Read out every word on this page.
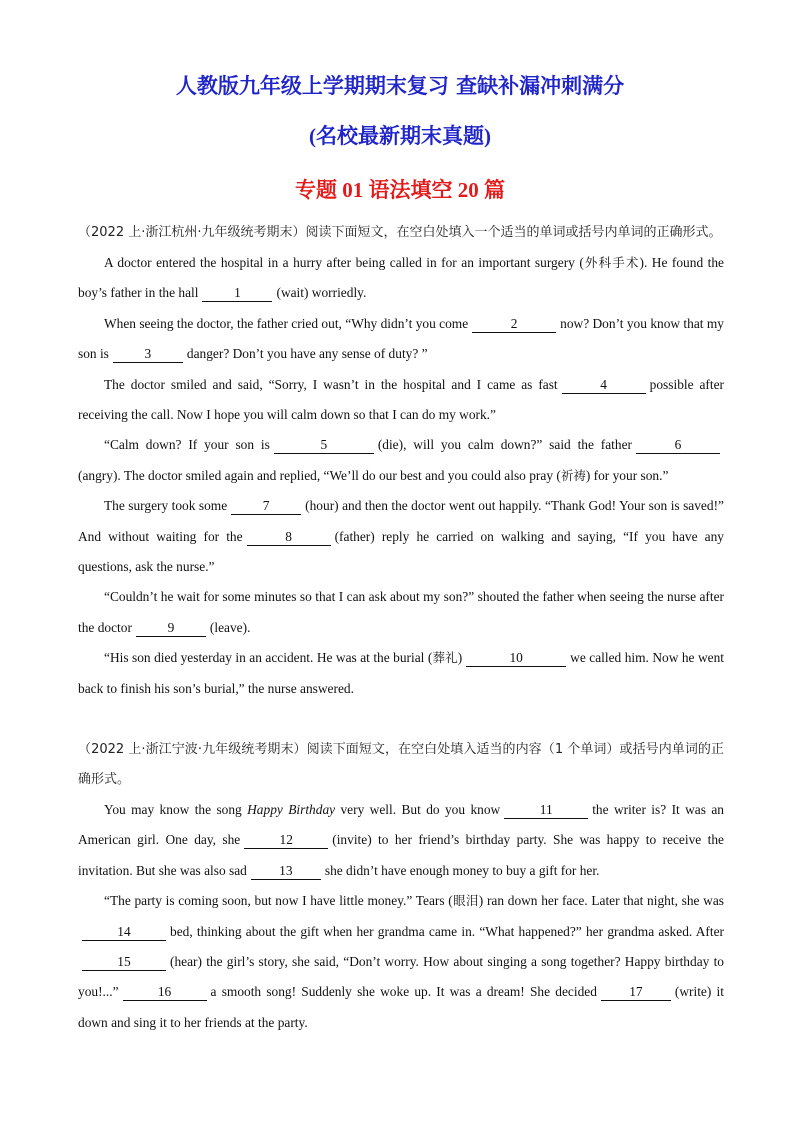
人教版九年级上学期期末复习 查缺补漏冲刺满分
(名校最新期末真题)
专题 01 语法填空 20 篇
（2022 上·浙江杭州·九年级统考期末）阅读下面短文，在空白处填入一个适当的单词或括号内单词的正确形式。
A doctor entered the hospital in a hurry after being called in for an important surgery (外科手术). He found the boy’s father in the hall	1	(wait) worriedly.
When seeing the doctor, the father cried out, “Why didn’t you come	2	now? Don’t you know that my son is	3	danger? Don’t you have any sense of duty? ”
The doctor smiled and said, “Sorry, I wasn’t in the hospital and I came as fast	4	possible after receiving the call. Now I hope you will calm down so that I can do my work.”
“Calm down? If your son is	5	(die), will you calm down?” said the father	6(angry). The doctor smiled again and replied, “We’ll do our best and you could also pray (祈祷) for your son.”
The surgery took some	7	(hour) and then the doctor went out happily. “Thank God! Your son is saved!” And without waiting for the	8	(father) reply he carried on walking and saying, “If you have any questions, ask the nurse.”
“Couldn’t he wait for some minutes so that I can ask about my son?” shouted the father when seeing the nurse after the doctor	9	(leave).
“His son died yesterday in an accident. He was at the burial (葬礼)	10	we called him. Now he went back to finish his son’s burial,” the nurse answered.
（2022 上·浙江宁波·九年级统考期末）阅读下面短文，在空白处填入适当的内容（1 个单词）或括号内单词的正确形式。
You may know the song Happy Birthday very well. But do you know	11	the writer is? It was an American girl. One day, she	12	(invite) to her friend’s birthday party. She was happy to receive the invitation. But she was also sad 13 she didn’t have enough money to buy a gift for her.
“The party is coming soon, but now I have little money.” Tears (眼泪) ran down her face. Later that night, she was14	bed, thinking about the gift when her grandma came in. “What happened?” her grandma asked. After15	(hear) the girl’s story, she said, “Don’t worry. How about singing a song together? Happy birthday to you!...”	16	a smooth song! Suddenly she woke up. It was a dream! She decided 17 (write) it down and sing it to her friends at the party.
